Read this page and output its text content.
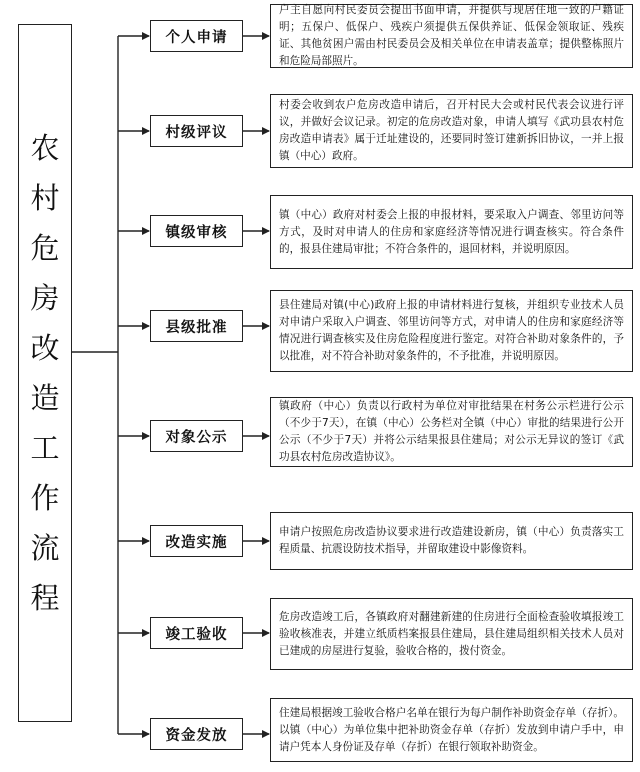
农
村
危
房
改
造
工
作
流
程
个人申请
户主自愿向村民委员会提出书面申请，并提供与现居住地一致的户籍证明；五保户、低保户、残疾户须提供五保供养证、低保金领取证、残疾证、其他贫困户需由村民委员会及相关单位在申请表盖章；提供整栋照片和危险局部照片。
村级评议
村委会收到农户危房改造申请后，召开村民大会或村民代表会议进行评议，并做好会议记录。初定的危房改造对象，申请人填写《武功县农村危房改造申请表》属于迁址建设的，还要同时签订建新拆旧协议，一并上报镇（中心）政府。
镇级审核
镇（中心）政府对村委会上报的申报材料，要采取入户调查、邻里访问等方式，及时对申请人的住房和家庭经济等情况进行调查核实。符合条件的，报县住建局审批；不符合条件的，退回材料，并说明原因。
县级批准
县住建局对镇(中心)政府上报的申请材料进行复核，并组织专业技术人员对申请户采取入户调查、邻里访问等方式，对申请人的住房和家庭经济等情况进行调查核实及住房危险程度进行鉴定。对符合补助对象条件的，予以批准，对不符合补助对象条件的，不予批准，并说明原因。
对象公示
镇政府（中心）负责以行政村为单位对审批结果在村务公示栏进行公示（不少于7天），在镇（中心）公务栏对全镇（中心）审批的结果进行公开公示（不少于7天）并将公示结果报县住建局；对公示无异议的签订《武功县农村危房改造协议》。
改造实施
申请户按照危房改造协议要求进行改造建设新房，镇（中心）负责落实工程质量、抗震设防技术指导，并留取建设中影像资料。
竣工验收
危房改造竣工后，各镇政府对翻建新建的住房进行全面检查验收填报竣工验收核准表，并建立纸质档案报县住建局，县住建局组织相关技术人员对已建成的房屋进行复验，验收合格的，拨付资金。
资金发放
住建局根据竣工验收合格户名单在银行为每户制作补助资金存单（存折）。以镇（中心）为单位集中把补助资金存单（存折）发放到申请户手中，申请户凭本人身份证及存单（存折）在银行领取补助资金。
